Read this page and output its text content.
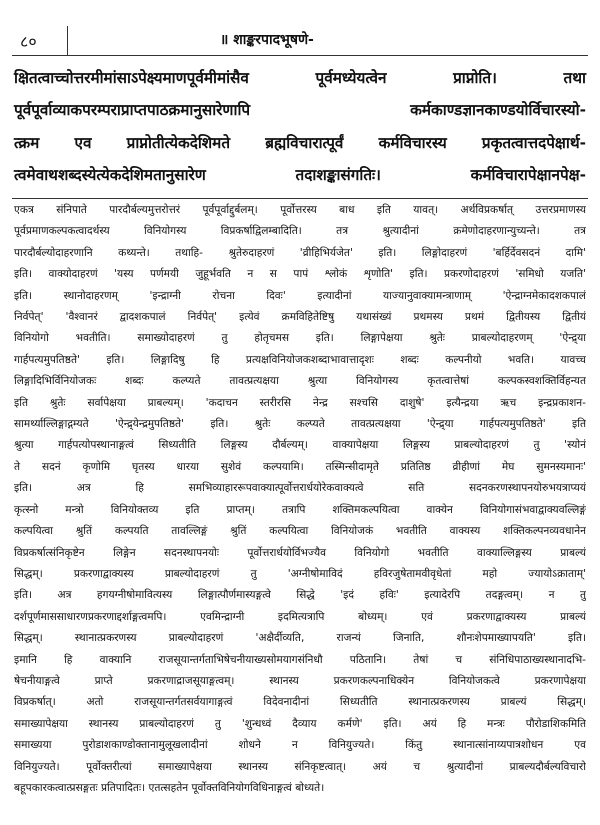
८०	॥ शाङ्करपादभूषणे-
क्षितत्वाच्चोत्तरमीमांसाऽपेक्ष्यमाणपूर्वमीमांसैव पूर्वमध्येयत्वेन प्राप्नोति। तथा
पूर्वपूर्वाव्याकपरम्पराप्राप्तपाठक्रमानुसारेणापि कर्मकाण्डज्ञानकाण्डयोर्विचारस्यो-
त्क्रम एव प्राप्नोतीत्येकदेशिमते ब्रह्मविचारात्पूर्वं कर्मविचारस्य प्रकृतत्वात्तदपेक्षार्थ-
त्वमेवाथशब्दस्येत्येकदेशिमतानुसारेण तदाशङ्कासंगतिः। कर्मविचारापेक्षानपेक्ष-
एकत्र संनिपाते पारदौर्बल्यमुत्तरोत्तरं पूर्वपूर्वाद्दुर्बलम्। पूर्वोत्तरस्य बाध इति यावत्। अर्थविप्रकर्षात् उत्तरप्रमाणस्य
पूर्वप्रमाणकल्पकत्वादर्थस्य विनियोगस्य विप्रकर्षाद्विलम्बादिति। तत्र श्रुत्यादीनां क्रमेणोदाहरणान्युच्यन्ते। तत्र
पारदौर्बल्योदाहरणानि कथ्यन्ते। तथाहि- श्रुतेरुदाहरणं 'व्रीहिभिर्यजेत' इति। लिङ्गोदाहरणं 'बर्हिर्देवसदनं दामि'
इति। वाक्योदाहरणं 'यस्य पर्णमयी जुहूर्भवति न स पापं श्लोकं शृणोति' इति। प्रकरणोदाहरणं 'समिधो यजति'
इति। स्थानोदाहरणम् 'इन्द्राग्नी रोचना दिवः' इत्यादीनां याज्यानुवाक्यामन्त्राणाम् 'ऐन्द्राग्नमेकादशकपालं
निर्वपेत्' 'वैश्वानरं द्वादशकपालं निर्वपेत्' इत्येवं क्रमविहितेष्टिषु यथासंख्यं प्रथमस्य प्रथमं द्वितीयस्य द्वितीयं
विनियोगो भवतीति। समाख्योदाहरणं तु होतृचमस इति। लिङ्गापेक्षया श्रुतेः प्राबल्योदाहरणम् 'ऐन्द्र्या
गार्हपत्यमुपतिष्ठते' इति। लिङ्गादिषु हि प्रत्यक्षविनियोजकशब्दाभावात्तादृशः शब्दः कल्पनीयो भवति। यावच्च
लिङ्गादिभिर्विनियोजकः शब्दः कल्प्यते तावत्प्रत्यक्षया श्रुत्या विनियोगस्य कृतत्वात्तेषां कल्पकस्वशक्तिर्विहन्यत
इति श्रुतेः सर्वापेक्षया प्राबल्यम्। 'कदाचन स्तरीरसि नेन्द्र सश्चसि दाशुषे' इत्यैन्द्रया ऋच इन्द्रप्रकाशन-
सामर्थ्याल्लिङ्गाद्गम्यते 'ऐन्द्र्येन्द्रमुपतिष्ठते' इति। श्रुतेः कल्प्यते तावत्प्रत्यक्षया 'ऐन्द्र्या गार्हपत्यमुपतिष्ठते' इति
श्रुत्या गार्हपत्योपस्थानाङ्गत्वं सिध्यतीति लिङ्गस्य दौर्बल्यम्। वाक्यापेक्षया लिङ्गस्य प्राबल्योदाहरणं तु 'स्योनं
ते सदनं कृणोमि घृतस्य धारया सुशेवं कल्पयामि। तस्मिन्सीदामृते प्रतितिष्ठ व्रीहीणां मेघ सुमनस्यमानः'
इति। अत्र हि समभिव्याहाररूपवाक्यात्पूर्वोत्तरार्धयोरेकवाक्यत्वे सति सदनकरणस्थापनयोरुभयत्राप्ययं
कृत्स्नो मन्त्रो विनियोक्तव्य इति प्राप्तम्। तत्रापि शक्तिमकल्पयित्वा वाक्येन विनियोगासंभवाद्वाक्यवल्लिङ्गं
कल्पयित्वा श्रुतिं कल्पयति तावल्लिङ्गं श्रुतिं कल्पयित्वा विनियोजकं भवतीति वाक्यस्य शक्तिकल्पनव्यवधानेन
विप्रकर्षात्संनिकृष्टेन लिङ्गेन सदनस्थापनयोः पूर्वोत्तरार्धयोर्विभज्यैव विनियोगो भवतीति वाक्याल्लिङ्गस्य प्राबल्यं
सिद्धम्। प्रकरणाद्वाक्यस्य प्राबल्योदाहरणं तु 'अग्नीषोमाविदं हविरजुषेतामवीवृधेतां महो ज्यायोऽक्राताम्'
इति। अत्र हगयग्नीषोमावित्यस्य लिङ्गात्पौर्णमास्यङ्गत्वे सिद्धे 'इदं हविः' इत्यादेरपि तदङ्गत्वम्। न तु
दर्शपूर्णमाससाधारणप्रकरणाद्दर्शाङ्गत्वमपि। एवमिन्द्राग्नी इदमित्यत्रापि बोध्यम्। एवं प्रकरणाद्वाक्यस्य प्राबल्यं
सिद्धम्। स्थानात्प्रकरणस्य प्राबल्योदाहरणं 'अक्षैर्दीव्यति, राजन्यं जिनाति, शौनःशेपमाख्यापयति' इति।
इमानि हि वाक्यानि राजसूयान्तर्गताभिषेचनीयाख्यसोमयागसंनिधौ पठितानि। तेषां च संनिधिपाठाख्यस्थानादभि-
षेचनीयाङ्गत्वे प्राप्ते प्रकरणाद्राजसूयाङ्गत्वम्। स्थानस्य प्रकरणकल्पनाधिक्येन विनियोजकत्वे प्रकरणापेक्षया
विप्रकर्षात्। अतो राजसूयान्तर्गतसर्वयागाङ्गत्वं विदेवनादीनां सिध्यतीति स्थानात्प्रकरणस्य प्राबल्यं सिद्धम्।
समाख्यापेक्षया स्थानस्य प्राबल्योदाहरणं तु 'शुन्धध्वं दैव्याय कर्मणे' इति। अयं हि मन्त्रः पौरोडाशिकमिति
समाख्यया पुरोडाशकाण्डोक्तानामुलूखलादीनां शोधने न विनियुज्यते। किंतु स्थानात्सांनाय्यपात्रशोधन एव
विनियुज्यते। पूर्वोक्तरीत्यां समाख्यापेक्षया स्थानस्य संनिकृष्टत्वात्। अयं च श्रुत्यादीनां प्राबल्यदौर्बल्यविचारो
बहूपकारकत्वात्प्रसङ्गतः प्रतिपादितः। एतत्सहतेन पूर्वोक्तविनियोगविधिनाङ्गत्वं बोध्यते।
